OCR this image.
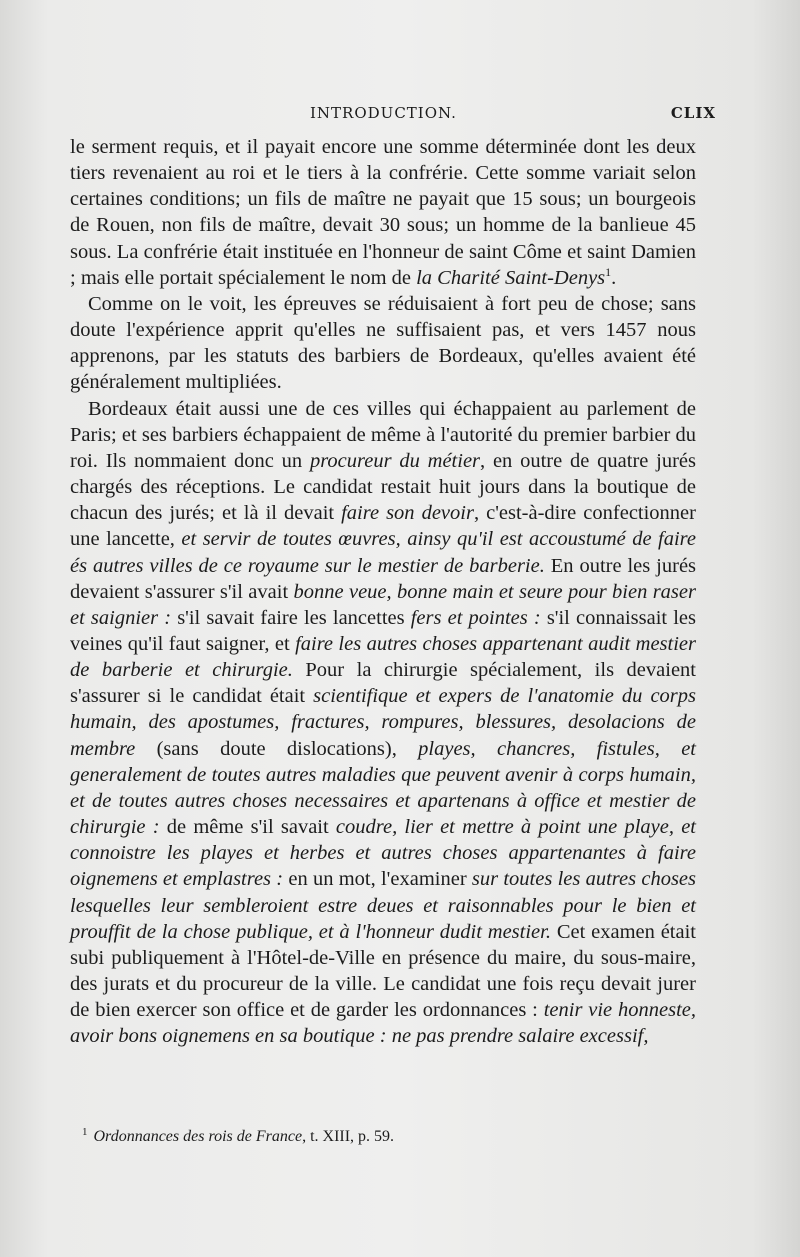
INTRODUCTION.	CLIX

le serment requis, et il payait encore une somme déterminée dont les deux tiers revenaient au roi et le tiers à la confrérie. Cette somme variait selon certaines conditions; un fils de maître ne payait que 15 sous; un bourgeois de Rouen, non fils de maître, devait 30 sous; un homme de la banlieue 45 sous. La confrérie était instituée en l'honneur de saint Côme et saint Damien ; mais elle portait spécialement le nom de la Charité Saint-Denys$^1$.

Comme on le voit, les épreuves se réduisaient à fort peu de chose; sans doute l'expérience apprit qu'elles ne suffisaient pas, et vers 1457 nous apprenons, par les statuts des barbiers de Bordeaux, qu'elles avaient été généralement multipliées.

Bordeaux était aussi une de ces villes qui échappaient au parlement de Paris; et ses barbiers échappaient de même à l'autorité du premier barbier du roi. Ils nommaient donc un procureur du métier, en outre de quatre jurés chargés des réceptions. Le candidat restait huit jours dans la boutique de chacun des jurés; et là il devait faire son devoir, c'est-à-dire confectionner une lancette, et servir de toutes œuvres, ainsy qu'il est accoustumé de faire és autres villes de ce royaume sur le mestier de barberie. En outre les jurés devaient s'assurer s'il avait bonne veue, bonne main et seure pour bien raser et saignier : s'il savait faire les lancettes fers et pointes : s'il connaissait les veines qu'il faut saigner, et faire les autres choses appartenant audit mestier de barberie et chirurgie. Pour la chirurgie spécialement, ils devaient s'assurer si le candidat était scientifique et expers de l'anatomie du corps humain, des apostumes, fractures, rompures, blessures, desolacions de membre (sans doute dislocations), playes, chancres, fistules, et generalement de toutes autres maladies que peuvent avenir à corps humain, et de toutes autres choses necessaires et apartenans à office et mestier de chirurgie : de même s'il savait coudre, lier et mettre à point une playe, et connoistre les playes et herbes et autres choses appartenantes à faire oignemens et emplastres : en un mot, l'examiner sur toutes les autres choses lesquelles leur sembleroient estre deues et raisonnables pour le bien et prouffit de la chose publique, et à l'honneur dudit mestier. Cet examen était subi publiquement à l'Hôtel-de-Ville en présence du maire, du sous-maire, des jurats et du procureur de la ville. Le candidat une fois reçu devait jurer de bien exercer son office et de garder les ordonnances : tenir vie honneste, avoir bons oignemens en sa boutique : ne pas prendre salaire excessif,

$^1$ Ordonnances des rois de France, t. XIII, p. 59.
